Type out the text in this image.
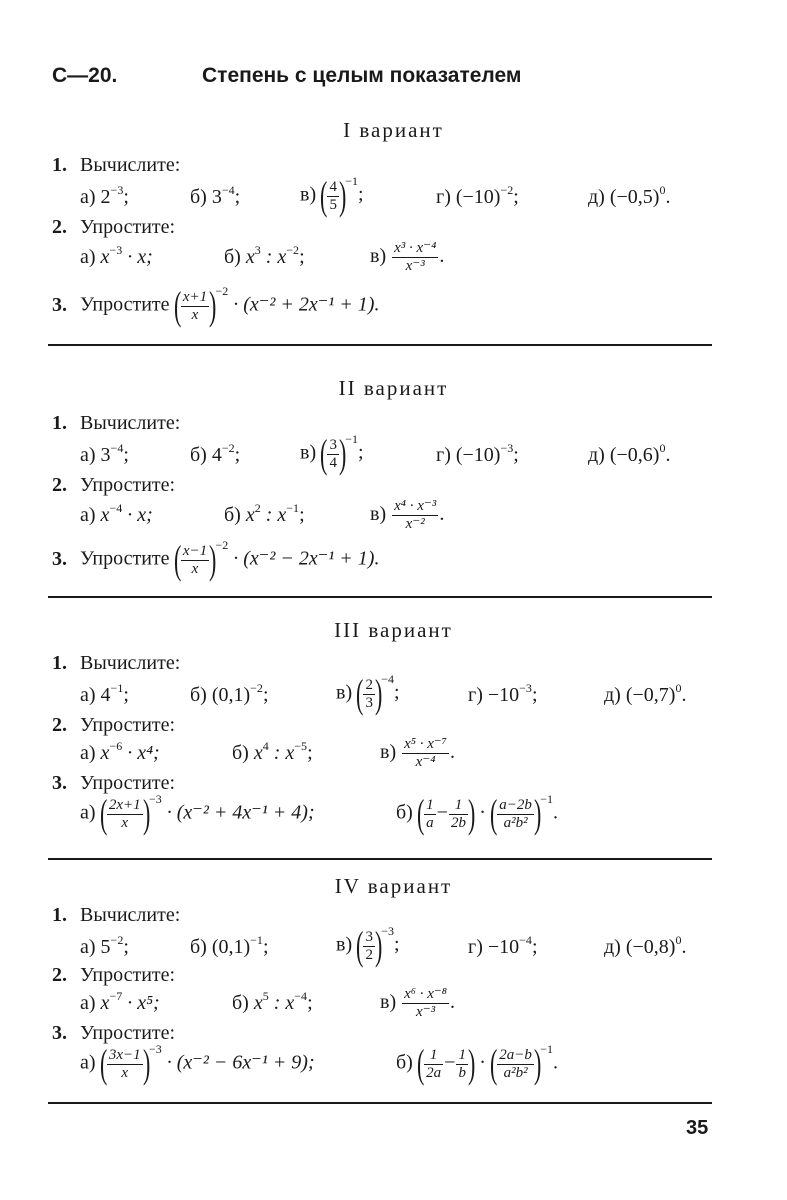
С—20.	Степень с целым показателем
I вариант
1. Вычислите:
а) $2^{-3}$;	б) $3^{-4}$;	в) ( $\frac{4}{5} )^{-1}$;	г) $(-10)^{-2}$;	д) $(-0,5)^0$.
2. Упростите:
а) $x^{-3} \cdot x$;	б) $x^3$ : $x^{-2}$;	$в) \frac{\text{x³ · x⁻⁴}}{\text{x⁻³}}$ .
3. Упростите ( $\frac{x+1}{x} )^{-2} \cdot (x^{-2} + 2x^{-1} + 1)$.
II вариант
1. Вычислите:
а) $3^{-4}$;	б) $4^{-2}$;	в) ( $\frac{3}{4} )^{-1}$;	г) $(-10)^{-3}$;	д) $(-0,6)^0$.
2. Упростите:
а) $x^{-4} \cdot x$;	б) $x^2$ : $x^{-1}$;	$в) \frac{\text{x⁴ · x⁻³}}{\text{x⁻²}}$ .
3. Упростите ( $\frac{x-1}{x} )^{-2} \cdot (x^{-2} - 2x^{-1} + 1)$.
III вариант
1. Вычислите:
а) $4^{-1}$;	б) $(0,1)^{-2}$;	в) ( $\frac{2}{3} )^{-4}$;	$г) -10^{-3}$;	д) $(-0,7)^0$.
2. Упростите:
а) $x^{-6} \cdot x^4$;	б) $x^4$ : $x^{-5}$;	$в) \frac{\text{x⁵ · x⁻⁷}}{\text{x⁻⁴}}$ .
3. Упростите:
а) ( $\frac{2x+1}{x} )^{-3} \cdot (x^{-2} + 4x^{-1} + 4)$;	б) ( $\frac{1}{a} - \frac{1}{2b}$ ) · ( $\frac{a-2b}{\text{a²b²}} )^{-1}$.
IV вариант
1. Вычислите:
а) $5^{-2}$;	б) $(0,1)^{-1}$;	в) ( $\frac{3}{2} )^{-3}$;	$г) -10^{-4}$;	д) $(-0,8)^0$.
2. Упростите:
а) $x^{-7} \cdot x^5$;	б) $x^5$ : $x^{-4}$;	$в) \frac{\text{x⁶ · x⁻⁸}}{\text{x⁻³}}$ .
3. Упростите:
а) ( $\frac{3x-1}{x} )^{-3} \cdot (x^{-2} - 6x^{-1} + 9)$;	б) ( $\frac{1}{2a} - \frac{1}{b}$ ) · ( $\frac{2a-b}{\text{a²b²}} )^{-1}$.
35
